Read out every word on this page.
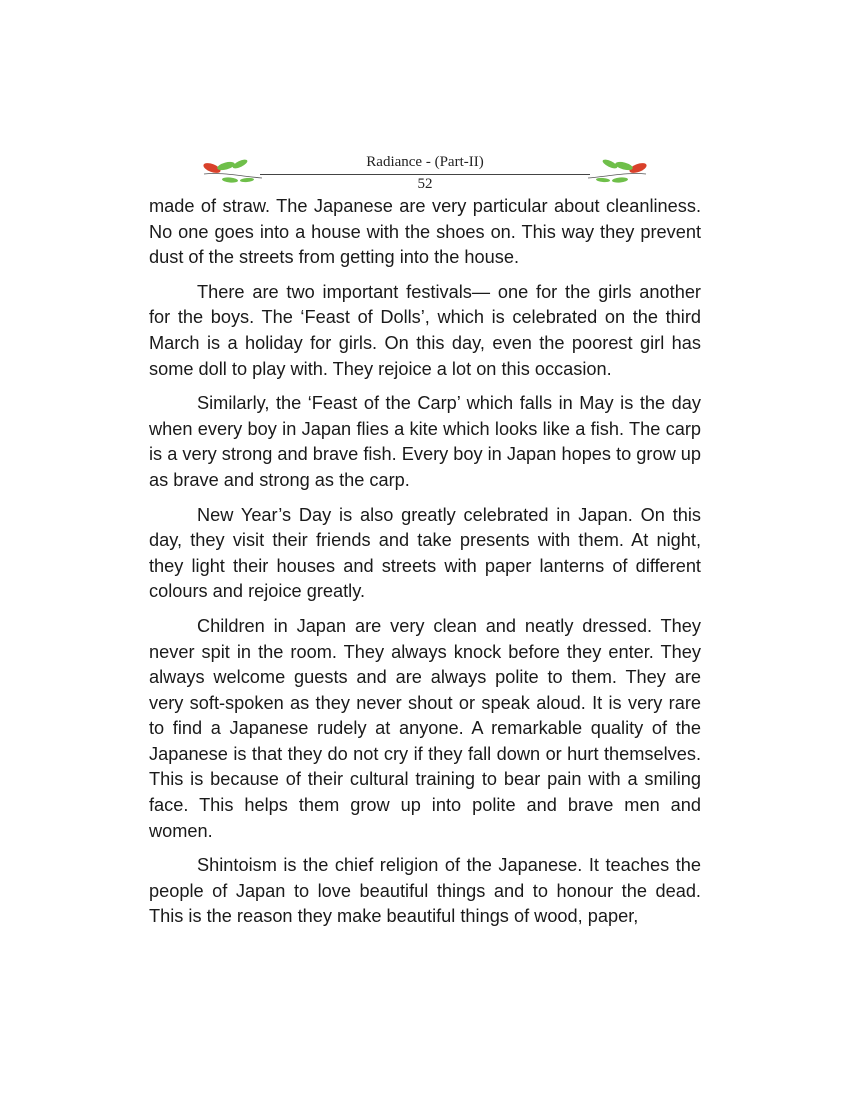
Radiance - (Part-II)
52

made of straw. The Japanese are very particular about cleanliness. No one goes into a house with the shoes on. This way they prevent dust of the streets from getting into the house.

There are two important festivals— one for the girls another for the boys. The ‘Feast of Dolls’, which is celebrated on the third March is a holiday for girls. On this day, even the poorest girl has some doll to play with. They rejoice a lot on this occasion.

Similarly, the ‘Feast of the Carp’ which falls in May is the day when every boy in Japan flies a kite which looks like a fish. The carp is a very strong and brave fish. Every boy in Japan hopes to grow up as brave and strong as the carp.

New Year’s Day is also greatly celebrated in Japan. On this day, they visit their friends and take presents with them. At night, they light their houses and streets with paper lanterns of different colours and rejoice greatly.

Children in Japan are very clean and neatly dressed. They never spit in the room. They always knock before they enter. They always welcome guests and are always polite to them. They are very soft-spoken as they never shout or speak aloud. It is very rare to find a Japanese rudely at anyone. A remarkable quality of the Japanese is that they do not cry if they fall down or hurt themselves. This is because of their cultural training to bear pain with a smiling face. This helps them grow up into polite and brave men and women.

Shintoism is the chief religion of the Japanese. It teaches the people of Japan to love beautiful things and to honour the dead. This is the reason they make beautiful things of wood, paper,
